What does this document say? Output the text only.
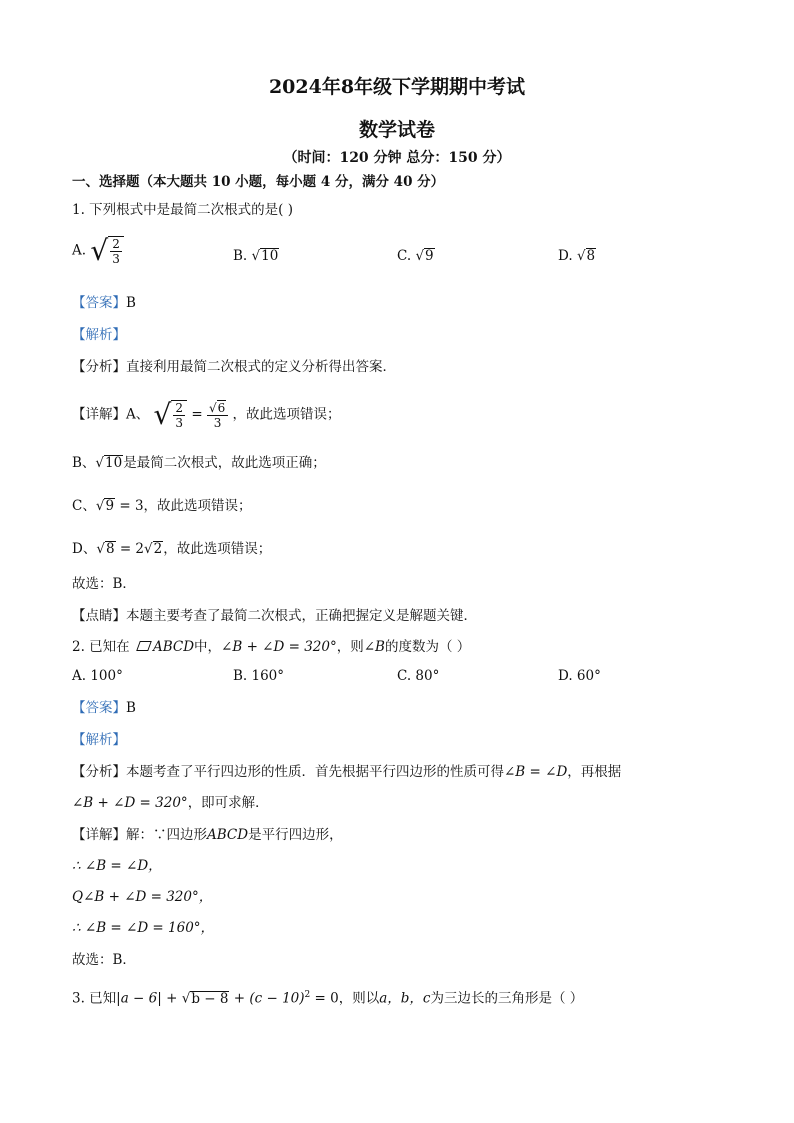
2024年8年级下学期期中考试
数学试卷
（时间：120 分钟 总分：150 分）
一、选择题（本大题共 10 小题，每小题 4 分，满分 40 分）
1. 下列根式中是最简二次根式的是( )
A. √ $\frac{2}{3}$	B. √10	C. √9	D. √8
【答案】B
【解析】
【分析】直接利用最简二次根式的定义分析得出答案．
【详解】A、 √ $\frac{2}{3} = \frac{√6}{3}$ ，故此选项错误；
B、√10是最简二次根式，故此选项正确；
C、√9 = 3，故此选项错误；
D、√8 = 2√2，故此选项错误；
故选：B．
【点睛】本题主要考查了最简二次根式，正确把握定义是解题关键．
2. 已知在 ABCD中，∠B + ∠D = 320°，则∠B的度数为（ ）
A. 100°	B. 160°	C. 80°	D. 60°
【答案】B
【解析】
【分析】本题考查了平行四边形的性质．首先根据平行四边形的性质可得∠B = ∠D，再根据
∠B + ∠D = 320°，即可求解．
【详解】解：∵四边形ABCD是平行四边形，
∴ ∠B = ∠D，
Q∠B + ∠D = 320°，
∴ ∠B = ∠D = 160°，
故选：B．
3. 已知$|a - 6| + √b - 8 + (c - 10)^2 = 0$，则以a，b，c为三边长的三角形是（ ）
